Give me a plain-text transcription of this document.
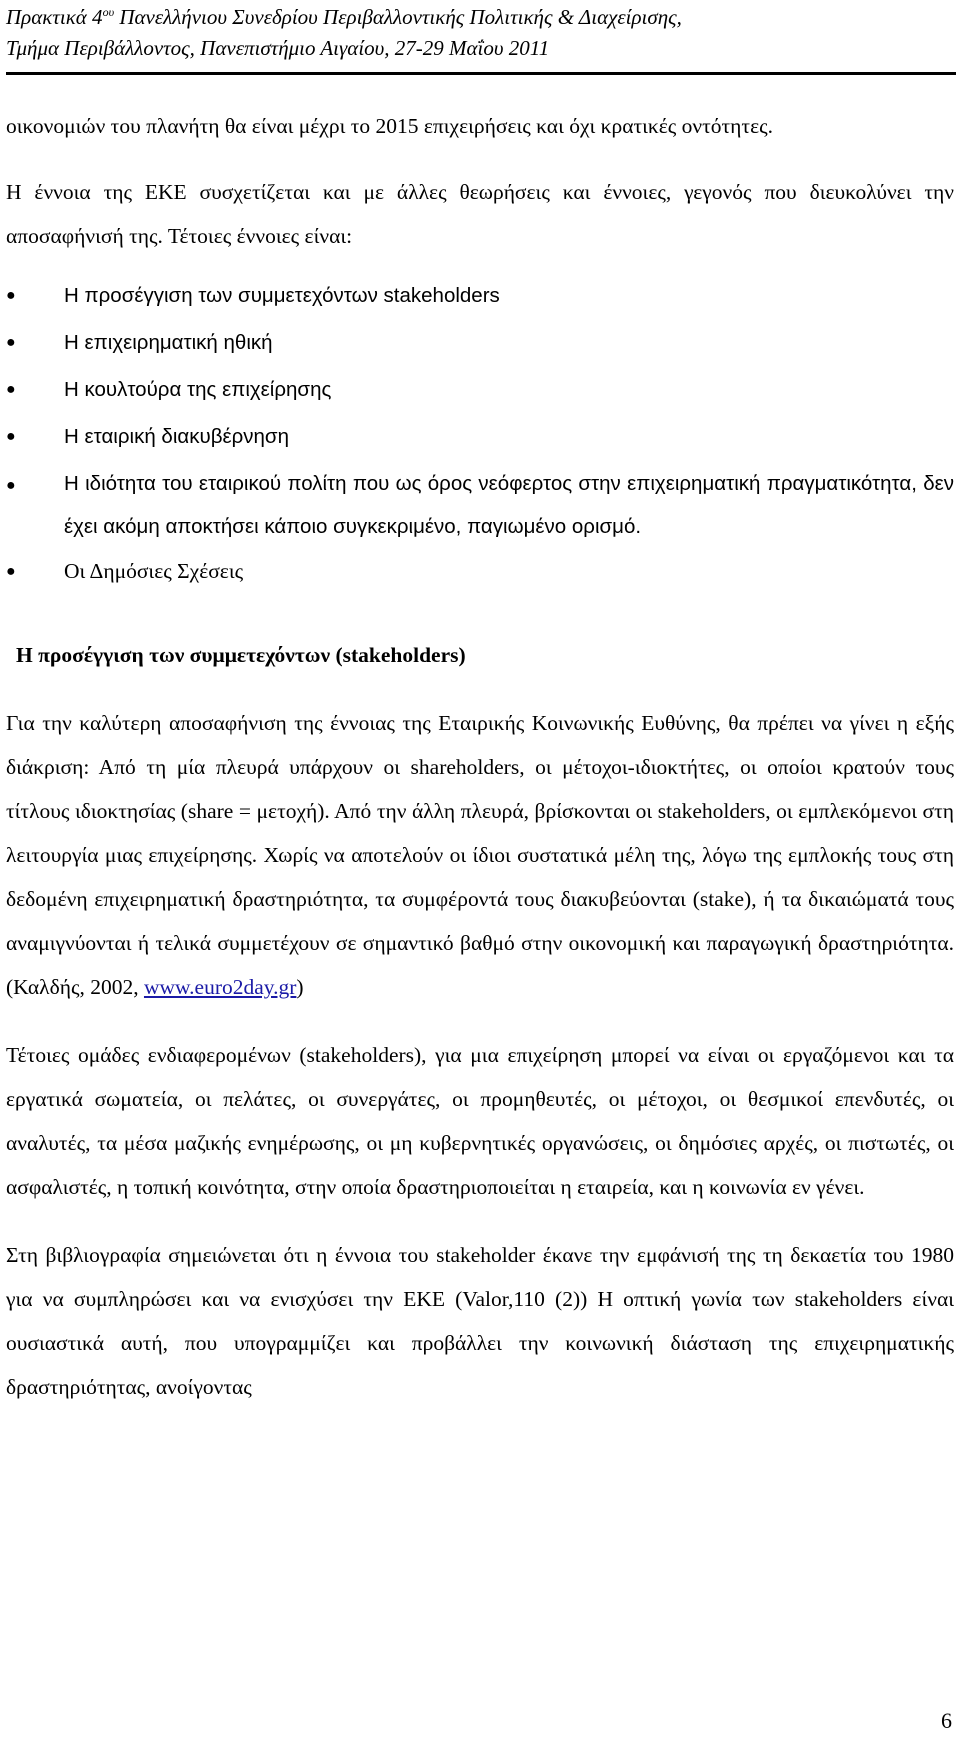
Πρακτικά $4^{o\upsilon}$ Πανελλήνιου Συνεδρίου Περιβαλλοντικής Πολιτικής & Διαχείρισης,
Τμήμα Περιβάλλοντος, Πανεπιστήμιο Αιγαίου, 27-29 Μαΐου 2011

οικονομιών του πλανήτη θα είναι μέχρι το 2015 επιχειρήσεις και όχι κρατικές οντότητες.

Η έννοια της ΕΚΕ συσχετίζεται και με άλλες θεωρήσεις και έννοιες, γεγονός που διευκολύνει την αποσαφήνισή της. Τέτοιες έννοιες είναι:

●	Η προσέγγιση των συμμετεχόντων stakeholders
●	Η επιχειρηματική ηθική
●	Η κουλτούρα της επιχείρησης
●	Η εταιρική διακυβέρνηση
●	Η ιδιότητα του εταιρικού πολίτη που ως όρος νεόφερτος στην επιχειρηματική πραγματικότητα, δεν έχει ακόμη αποκτήσει κάποιο συγκεκριμένο, παγιωμένο ορισμό.
●	Οι Δημόσιες Σχέσεις
Η προσέγγιση των συμμετεχόντων (stakeholders)

Για την καλύτερη αποσαφήνιση της έννοιας της Εταιρικής Κοινωνικής Ευθύνης, θα πρέπει να γίνει η εξής διάκριση: Από τη μία πλευρά υπάρχουν οι shareholders, οι μέτοχοι-ιδιοκτήτες, οι οποίοι κρατούν τους τίτλους ιδιοκτησίας (share = μετοχή). Από την άλλη πλευρά, βρίσκονται οι stakeholders, οι εμπλεκόμενοι στη λειτουργία μιας επιχείρησης. Χωρίς να αποτελούν οι ίδιοι συστατικά μέλη της, λόγω της εμπλοκής τους στη δεδομένη επιχειρηματική δραστηριότητα, τα συμφέροντά τους διακυβεύονται (stake), ή τα δικαιώματά τους αναμιγνύονται ή τελικά συμμετέχουν σε σημαντικό βαθμό στην οικονομική και παραγωγική δραστηριότητα. (Καλδής, 2002, www.euro2day.gr)

Τέτοιες ομάδες ενδιαφερομένων (stakeholders), για μια επιχείρηση μπορεί να είναι οι εργαζόμενοι και τα εργατικά σωματεία, οι πελάτες, οι συνεργάτες, οι προμηθευτές, οι μέτοχοι, οι θεσμικοί επενδυτές, οι αναλυτές, τα μέσα μαζικής ενημέρωσης, οι μη κυβερνητικές οργανώσεις, οι δημόσιες αρχές, οι πιστωτές, οι ασφαλιστές, η τοπική κοινότητα, στην οποία δραστηριοποιείται η εταιρεία, και η κοινωνία εν γένει.

Στη βιβλιογραφία σημειώνεται ότι η έννοια του stakeholder έκανε την εμφάνισή της τη δεκαετία του 1980 για να συμπληρώσει και να ενισχύσει την ΕΚΕ (Valor,110 (2)) Η οπτική γωνία των stakeholders είναι ουσιαστικά αυτή, που υπογραμμίζει και προβάλλει την κοινωνική διάσταση της επιχειρηματικής δραστηριότητας, ανοίγοντας

6
